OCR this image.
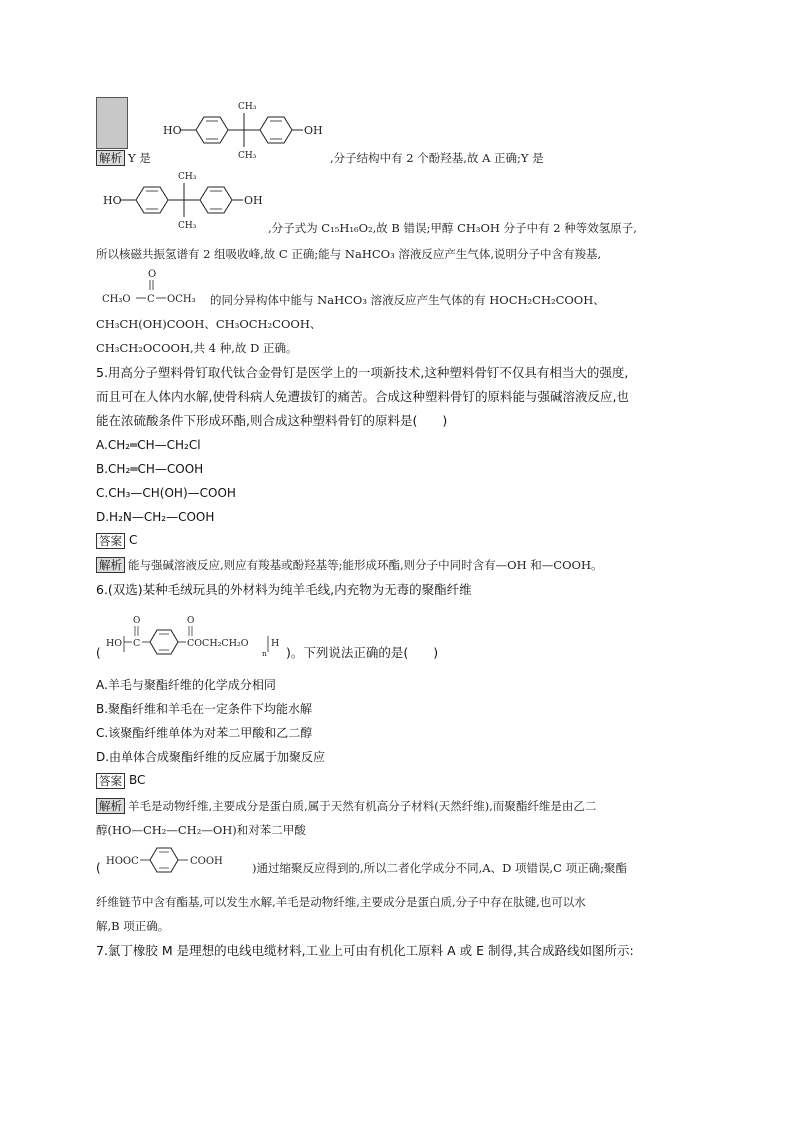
解析 Y 是
HO
CH₃
CH₃
OH
,分子结构中有 2 个酚羟基,故 A 正确;Y 是
HO
CH₃
CH₃
OH
,分子式为 C₁₅H₁₆O₂,故 B 错误;甲醇 CH₃OH 分子中有 2 种等效氢原子,
所以核磁共振氢谱有 2 组吸收峰,故 C 正确;能与 NaHCO₃ 溶液反应产生气体,说明分子中含有羧基,
O
CH₃O C OCH₃ 的同分异构体中能与 NaHCO₃ 溶液反应产生气体的有 HOCH₂CH₂COOH、
CH₃CH(OH)COOH、CH₃OCH₂COOH、
CH₃CH₂OCOOH,共 4 种,故 D 正确。
5.用高分子塑料骨钉取代钛合金骨钉是医学上的一项新技术,这种塑料骨钉不仅具有相当大的强度,
而且可在人体内水解,使骨科病人免遭拔钉的痛苦。合成这种塑料骨钉的原料能与强碱溶液反应,也
能在浓硫酸条件下形成环酯,则合成这种塑料骨钉的原料是(　　)
A.CH₂═CH—CH₂Cl
B.CH₂═CH—COOH
C.CH₃—CH(OH)—COOH
D.H₂N—CH₂—COOH
答案 C
解析 能与强碱溶液反应,则应有羧基或酚羟基等;能形成环酯,则分子中同时含有—OH 和—COOH。
6.(双选)某种毛绒玩具的外材料为纯羊毛线,内充物为无毒的聚酯纤维
(
HO C
O	O
COCH₂CH₂O
n
H
)。下列说法正确的是(　　)
A.羊毛与聚酯纤维的化学成分相同
B.聚酯纤维和羊毛在一定条件下均能水解
C.该聚酯纤维单体为对苯二甲酸和乙二醇
D.由单体合成聚酯纤维的反应属于加聚反应
答案 BC
解析 羊毛是动物纤维,主要成分是蛋白质,属于天然有机高分子材料(天然纤维),而聚酯纤维是由乙二
醇(HO—CH₂—CH₂—OH)和对苯二甲酸
( HOOC	COOH	)通过缩聚反应得到的,所以二者化学成分不同,A、D 项错误,C 项正确;聚酯
纤维链节中含有酯基,可以发生水解,羊毛是动物纤维,主要成分是蛋白质,分子中存在肽键,也可以水
解,B 项正确。
7.氯丁橡胶 M 是理想的电线电缆材料,工业上可由有机化工原料 A 或 E 制得,其合成路线如图所示:
